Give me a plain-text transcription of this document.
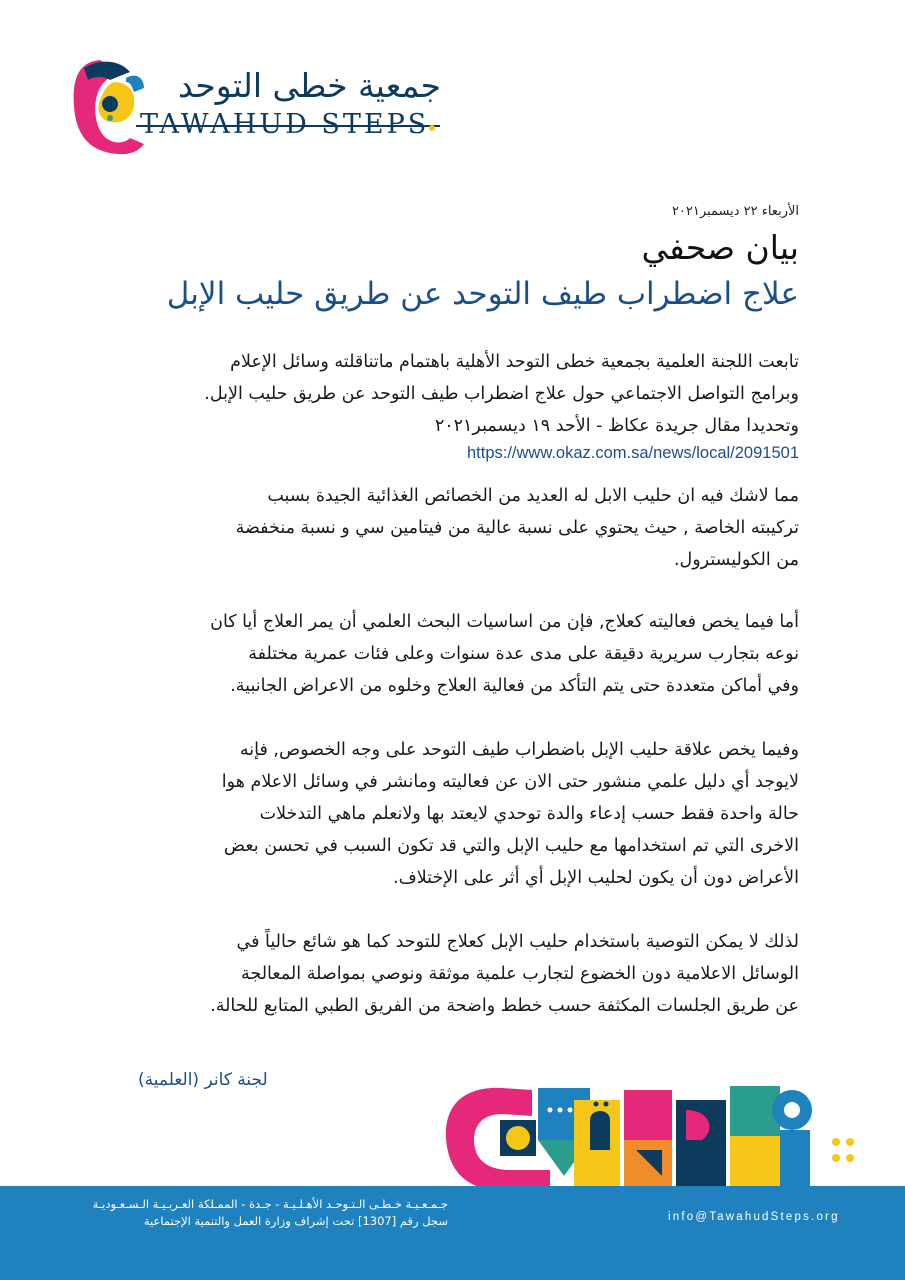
جمعية خطى التوحد
TAWAHUD STEPS
الأربعاء ٢٢ ديسمبر٢٠٢١
بيان صحفي
علاج اضطراب طيف التوحد عن طريق حليب الإبل

تابعت اللجنة العلمية بجمعية خطى التوحد الأهلية باهتمام ماتناقلته وسائل الإعلام

وبرامج التواصل الاجتماعي حول علاج اضطراب طيف التوحد عن طريق حليب الإبل.

وتحديدا مقال جريدة عكاظ - الأحد ١٩ ديسمبر٢٠٢١

https://www.okaz.com.sa/news/local/2091501

مما لاشك فيه ان حليب الابل له العديد من الخصائص الغذائية الجيدة بسبب

تركيبته الخاصة , حيث يحتوي على نسبة عالية من فيتامين سي و نسبة منخفضة

من الكوليسترول.

أما فيما يخص فعاليته كعلاج, فإن من اساسيات البحث العلمي أن يمر العلاج أيا كان

نوعه بتجارب سريرية دقيقة على مدى عدة سنوات وعلى فئات عمرية مختلفة

وفي أماكن متعددة حتى يتم التأكد من فعالية العلاج وخلوه من الاعراض الجانبية.

وفيما يخص علاقة حليب الإبل باضطراب طيف التوحد على وجه الخصوص, فإنه

لايوجد أي دليل علمي منشور حتى الان عن فعاليته ومانشر في وسائل الاعلام هوا

حالة واحدة فقط حسب إدعاء والدة توحدي لايعتد بها ولانعلم ماهي التدخلات

الاخرى التي تم استخدامها مع حليب الإبل والتي قد تكون السبب في تحسن بعض

الأعراض دون أن يكون لحليب الإبل أي أثر على الإختلاف.

لذلك لا يمكن التوصية باستخدام حليب الإبل كعلاج للتوحد كما هو شائع حالياً في

الوسائل الاعلامية دون الخضوع لتجارب علمية موثقة ونوصي بمواصلة المعالجة

عن طريق الجلسات المكثفة حسب خطط واضحة من الفريق الطبي المتابع للحالة.

لجنة كانر (العلمية)
جـمـعـيـة خـطـى الـتـوحـد الأهـلـيـة - جـدة - الممـلكة العـربـيـة الـسـعـوديـة
سجل رقم [1307] تحت إشراف وزارة العمل والتنمية الإجتماعية	info@TawahudSteps.org
